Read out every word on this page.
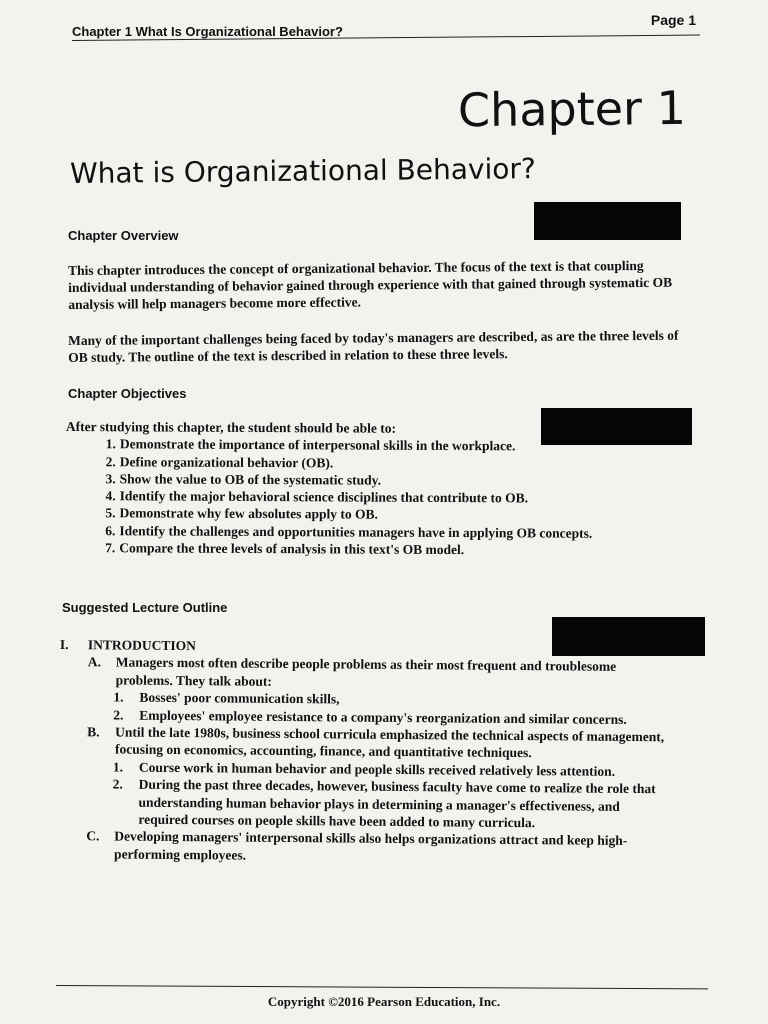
Chapter 1 What Is Organizational Behavior?
Page 1
Chapter 1
What is Organizational Behavior?
Chapter Overview

This chapter introduces the concept of organizational behavior. The focus of the text is that coupling individual understanding of behavior gained through experience with that gained through systematic OB analysis will help managers become more effective.

Many of the important challenges being faced by today's managers are described, as are the three levels of OB study. The outline of the text is described in relation to these three levels.

Chapter Objectives

After studying this chapter, the student should be able to:

1. Demonstrate the importance of interpersonal skills in the workplace.
2. Define organizational behavior (OB).
3. Show the value to OB of the systematic study.
4. Identify the major behavioral science disciplines that contribute to OB.
5. Demonstrate why few absolutes apply to OB.
6. Identify the challenges and opportunities managers have in applying OB concepts.
7. Compare the three levels of analysis in this text's OB model.
Suggested Lecture Outline
I.	INTRODUCTION
A.	Managers most often describe people problems as their most frequent and troublesome problems. They talk about:
1.	Bosses' poor communication skills,
2.	Employees' employee resistance to a company's reorganization and similar concerns.
B.	Until the late 1980s, business school curricula emphasized the technical aspects of management, focusing on economics, accounting, finance, and quantitative techniques.
1.	Course work in human behavior and people skills received relatively less attention.
2.	During the past three decades, however, business faculty have come to realize the role that understanding human behavior plays in determining a manager's effectiveness, and required courses on people skills have been added to many curricula.
C.	Developing managers' interpersonal skills also helps organizations attract and keep high-performing employees.
Copyright ©2016 Pearson Education, Inc.
